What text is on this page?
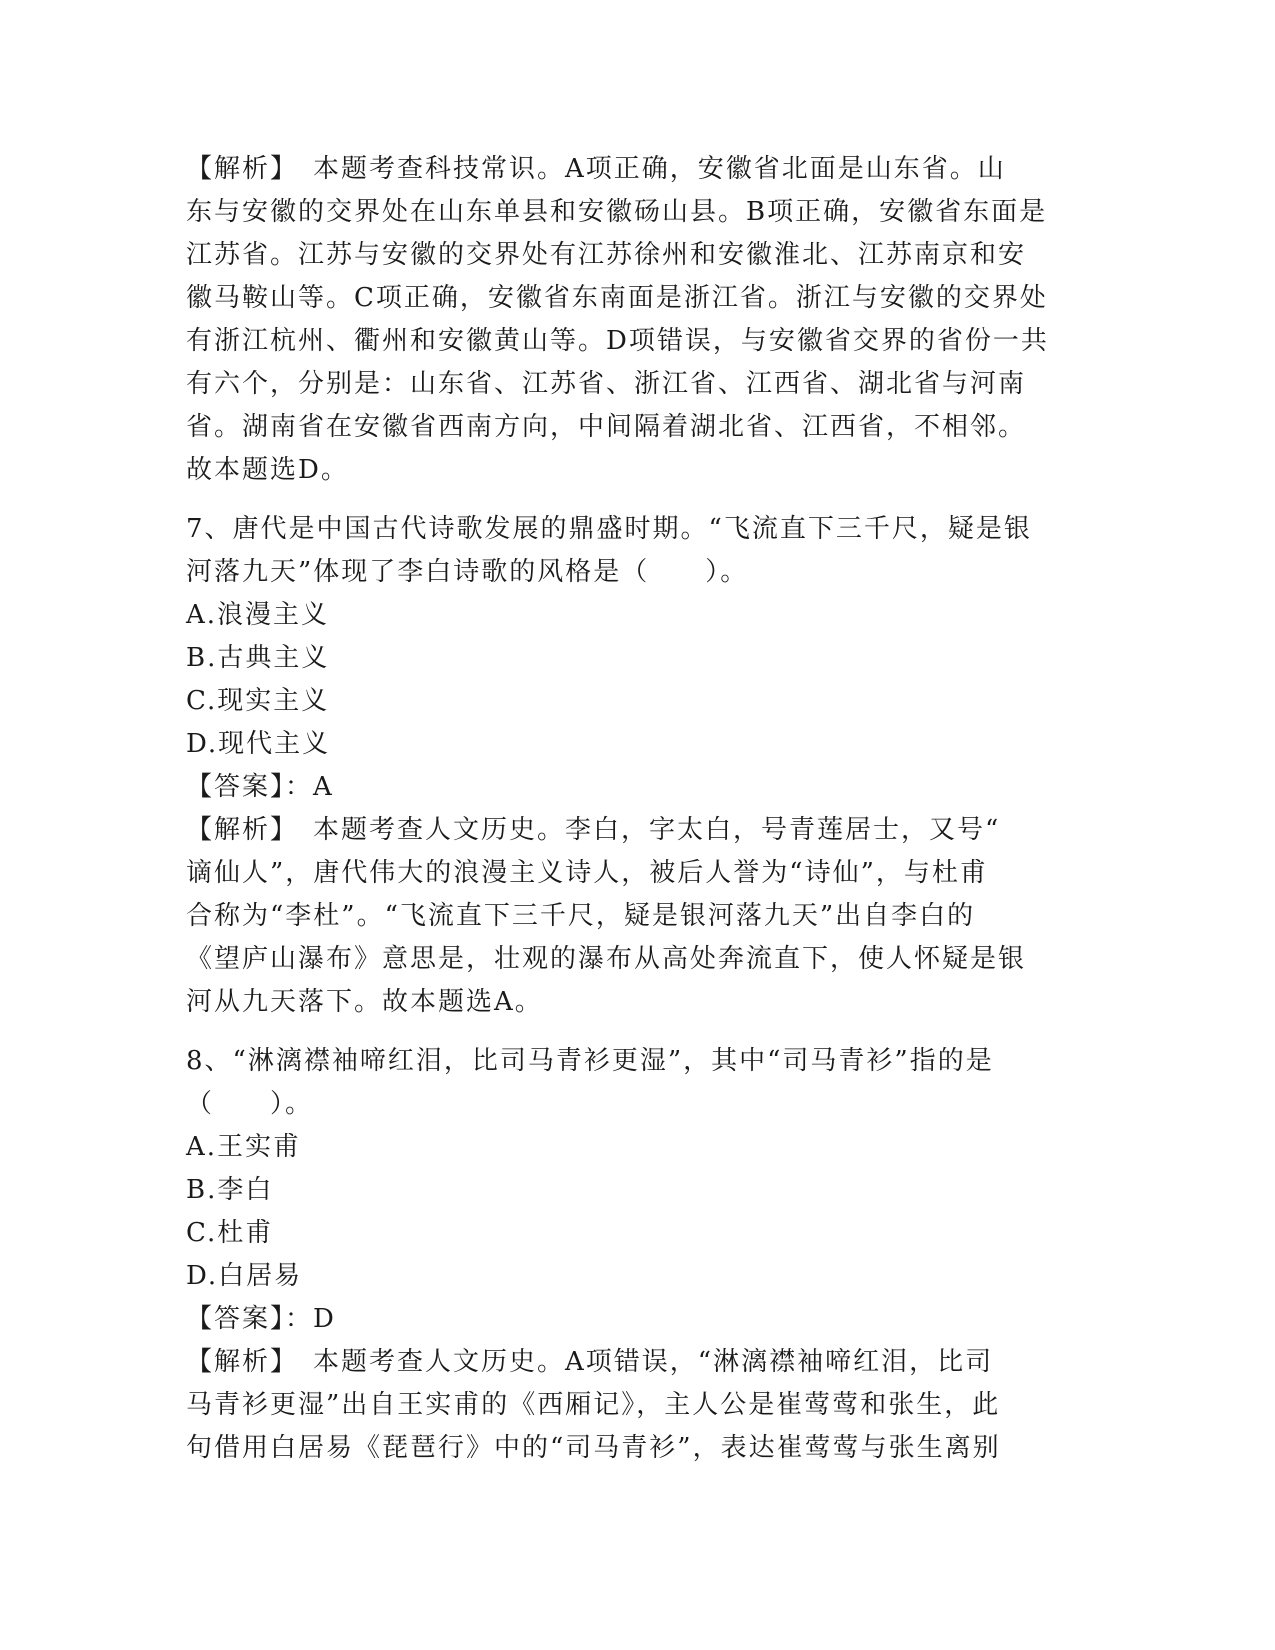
【解析】　本题考查科技常识。A项正确，安徽省北面是山东省。山

东与安徽的交界处在山东单县和安徽砀山县。B项正确，安徽省东面是

江苏省。江苏与安徽的交界处有江苏徐州和安徽淮北、江苏南京和安

徽马鞍山等。C项正确，安徽省东南面是浙江省。浙江与安徽的交界处

有浙江杭州、衢州和安徽黄山等。D项错误，与安徽省交界的省份一共

有六个，分别是：山东省、江苏省、浙江省、江西省、湖北省与河南

省。湖南省在安徽省西南方向，中间隔着湖北省、江西省，不相邻。

故本题选D。

7、唐代是中国古代诗歌发展的鼎盛时期。“飞流直下三千尺，疑是银

河落九天”体现了李白诗歌的风格是（　　）。

A.浪漫主义

B.古典主义

C.现实主义

D.现代主义

【答案】：A

【解析】　本题考查人文历史。李白，字太白，号青莲居士，又号“

谪仙人”，唐代伟大的浪漫主义诗人，被后人誉为“诗仙”，与杜甫

合称为“李杜”。“飞流直下三千尺，疑是银河落九天”出自李白的

《望庐山瀑布》意思是，壮观的瀑布从高处奔流直下，使人怀疑是银

河从九天落下。故本题选A。

8、“淋漓襟袖啼红泪，比司马青衫更湿”，其中“司马青衫”指的是

（　　）。

A.王实甫

B.李白

C.杜甫

D.白居易

【答案】：D

【解析】　本题考查人文历史。A项错误，“淋漓襟袖啼红泪，比司

马青衫更湿”出自王实甫的《西厢记》，主人公是崔莺莺和张生，此

句借用白居易《琵琶行》中的“司马青衫”，表达崔莺莺与张生离别
